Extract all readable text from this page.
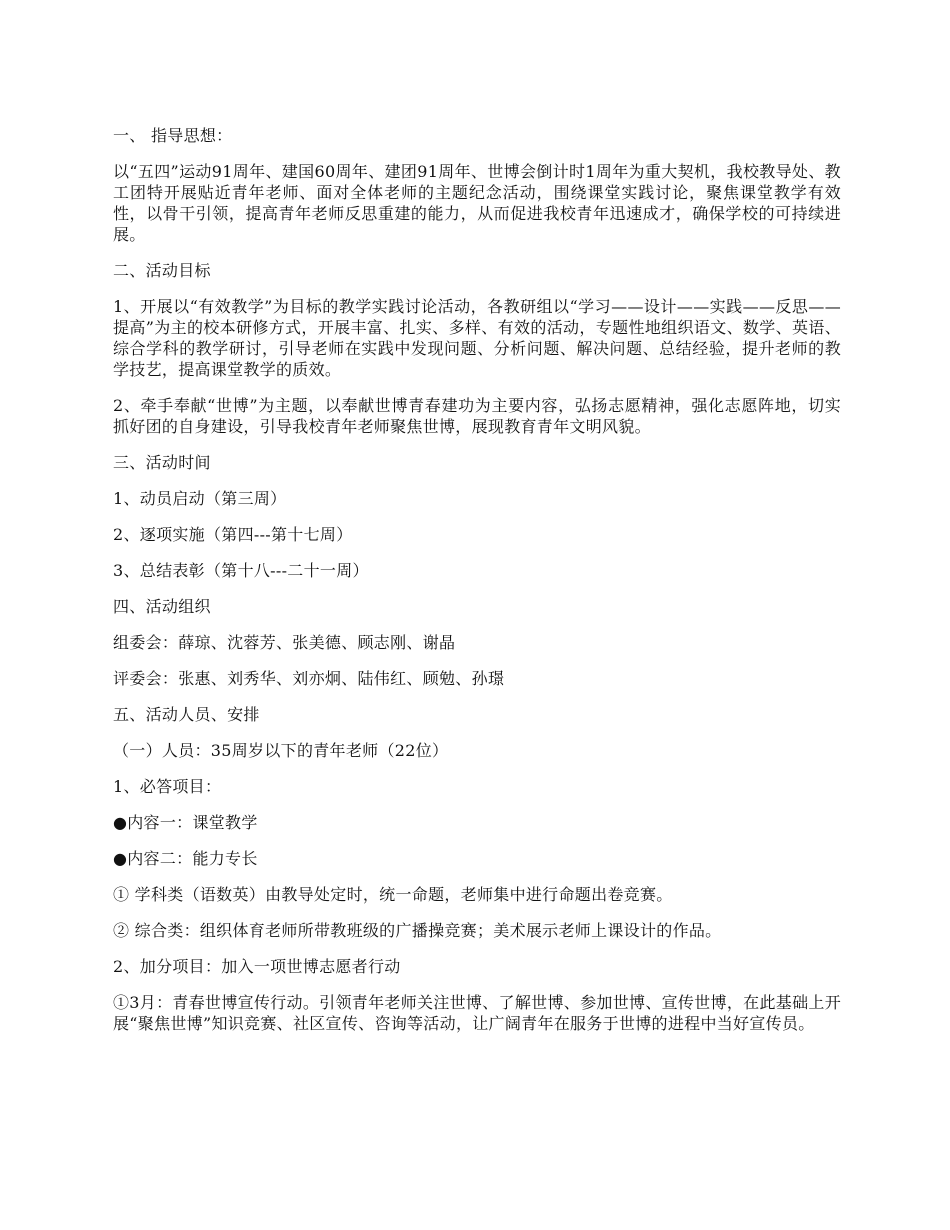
一、 指导思想：

以“五四”运动91周年、建国60周年、建团91周年、世博会倒计时1周年为重大契机，我校教导处、教工团特开展贴近青年老师、面对全体老师的主题纪念活动，围绕课堂实践讨论，聚焦课堂教学有效性，以骨干引领，提高青年老师反思重建的能力，从而促进我校青年迅速成才，确保学校的可持续进展。

二、活动目标

1、开展以“有效教学”为目标的教学实践讨论活动，各教研组以“学习——设计——实践——反思——提高”为主的校本研修方式，开展丰富、扎实、多样、有效的活动，专题性地组织语文、数学、英语、综合学科的教学研讨，引导老师在实践中发现问题、分析问题、解决问题、总结经验，提升老师的教学技艺，提高课堂教学的质效。

2、牵手奉献“世博”为主题，以奉献世博青春建功为主要内容，弘扬志愿精神，强化志愿阵地，切实抓好团的自身建设，引导我校青年老师聚焦世博，展现教育青年文明风貌。

三、活动时间

1、动员启动（第三周）

2、逐项实施（第四---第十七周）

3、总结表彰（第十八---二十一周）

四、活动组织

组委会：薛琼、沈蓉芳、张美德、顾志刚、谢晶

评委会：张惠、刘秀华、刘亦炯、陆伟红、顾勉、孙璟

五、活动人员、安排

（一）人员：35周岁以下的青年老师（22位）

1、必答项目：

●内容一：课堂教学

●内容二：能力专长

① 学科类（语数英）由教导处定时，统一命题，老师集中进行命题出卷竞赛。

② 综合类：组织体育老师所带教班级的广播操竞赛；美术展示老师上课设计的作品。

2、加分项目：加入一项世博志愿者行动

①3月：青春世博宣传行动。引领青年老师关注世博、了解世博、参加世博、宣传世博，在此基础上开展“聚焦世博”知识竞赛、社区宣传、咨询等活动，让广阔青年在服务于世博的进程中当好宣传员。
